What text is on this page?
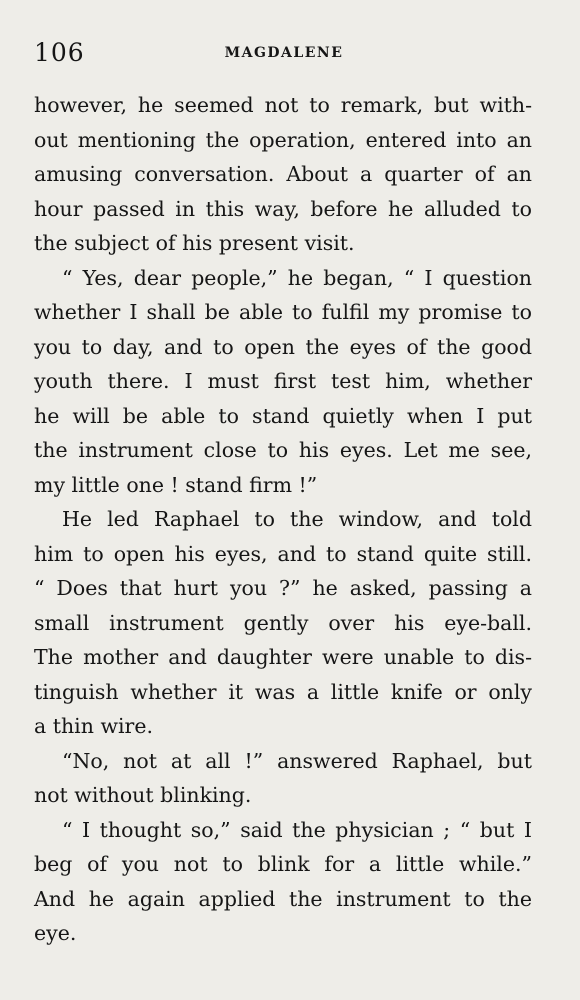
106	MAGDALENE
however, he seemed not to remark, but with-
out mentioning the operation, entered into an
amusing conversation. About a quarter of an
hour passed in this way, before he alluded to
the subject of his present visit.
“ Yes, dear people,” he began, “ I question
whether I shall be able to fulfil my promise to
you to day, and to open the eyes of the good
youth there. I must first test him, whether
he will be able to stand quietly when I put
the instrument close to his eyes. Let me see,
my little one ! stand firm !”
He led Raphael to the window, and told
him to open his eyes, and to stand quite still.
“ Does that hurt you ?” he asked, passing a
small instrument gently over his eye-ball.
The mother and daughter were unable to dis-
tinguish whether it was a little knife or only
a thin wire.
“No, not at all !” answered Raphael, but
not without blinking.
“ I thought so,” said the physician ; “ but I
beg of you not to blink for a little while.”
And he again applied the instrument to the
eye.
